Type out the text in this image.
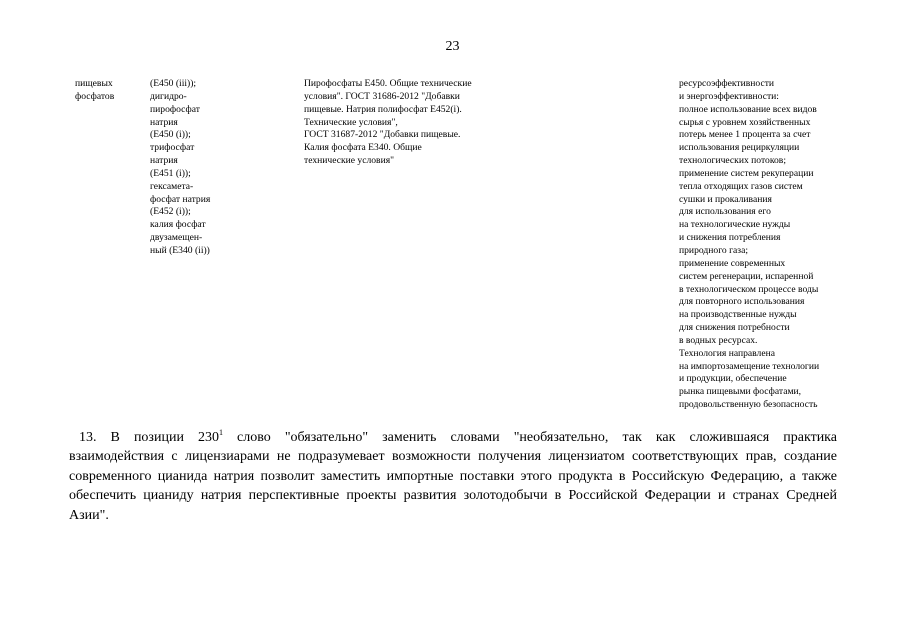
23
пищевых
фосфатов
(E450 (iii));
дигидро-
пирофосфат
натрия
(E450 (i));
трифосфат
натрия
(E451 (i));
гексамета-
фосфат натрия
(E452 (i));
калия фосфат
двузамещен-
ный (E340 (ii))
Пирофосфаты E450. Общие технические
условия". ГОСТ 31686-2012 "Добавки
пищевые. Натрия полифосфат E452(i).
Технические условия",
ГОСТ 31687-2012 "Добавки пищевые.
Калия фосфата E340. Общие
технические условия"
ресурсоэффективности
и энергоэффективности:
полное использование всех видов
сырья с уровнем хозяйственных
потерь менее 1 процента за счет
использования рециркуляции
технологических потоков;
применение систем рекуперации
тепла отходящих газов систем
сушки и прокаливания
для использования его
на технологические нужды
и снижения потребления
природного газа;
применение современных
систем регенерации, испаренной
в технологическом процессе воды
для повторного использования
на производственные нужды
для снижения потребности
в водных ресурсах.
Технология направлена
на импортозамещение технологии
и продукции, обеспечение
рынка пищевыми фосфатами,
продовольственную безопасность
13. В позиции $230^1$ слово "обязательно" заменить словами "необязательно, так как сложившаяся практика
взаимодействия с лицензиарами не подразумевает возможности получения лицензиатом соответствующих прав, создание
современного цианида натрия позволит заместить импортные поставки этого продукта в Российскую Федерацию, а также
обеспечить цианиду натрия перспективные проекты развития золотодобычи в Российской Федерации и странах Средней
Азии".
